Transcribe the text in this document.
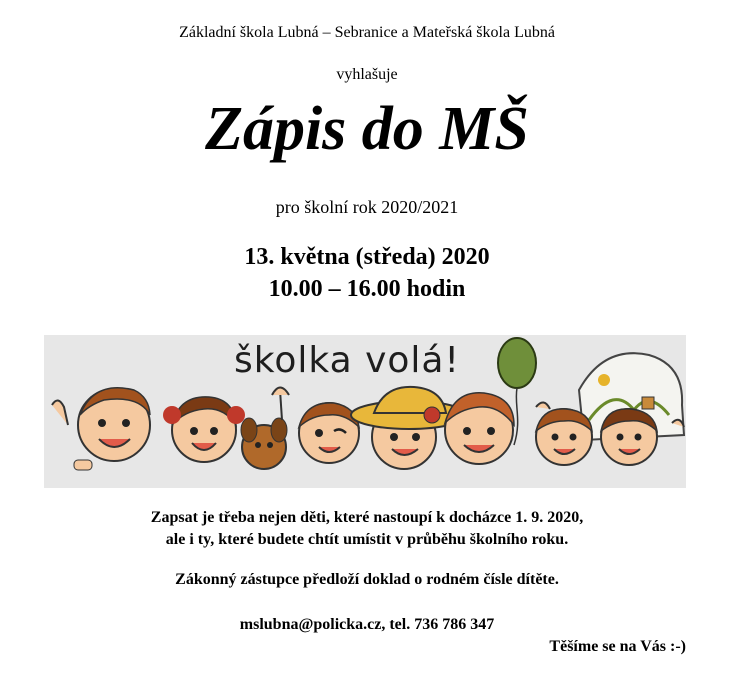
Základní škola Lubná – Sebranice a Mateřská škola Lubná
vyhlašuje
Zápis do MŠ
pro školní rok 2020/2021
13. května (středa) 2020
10.00 – 16.00 hodin
školka volá!
Zapsat je třeba nejen děti, které nastoupí k docházce 1. 9. 2020,
ale i ty, které budete chtít umístit v průběhu školního roku.
Zákonný zástupce předloží doklad o rodném čísle dítěte.
mslubna@policka.cz, tel. 736 786 347
Těšíme se na Vás :-)
